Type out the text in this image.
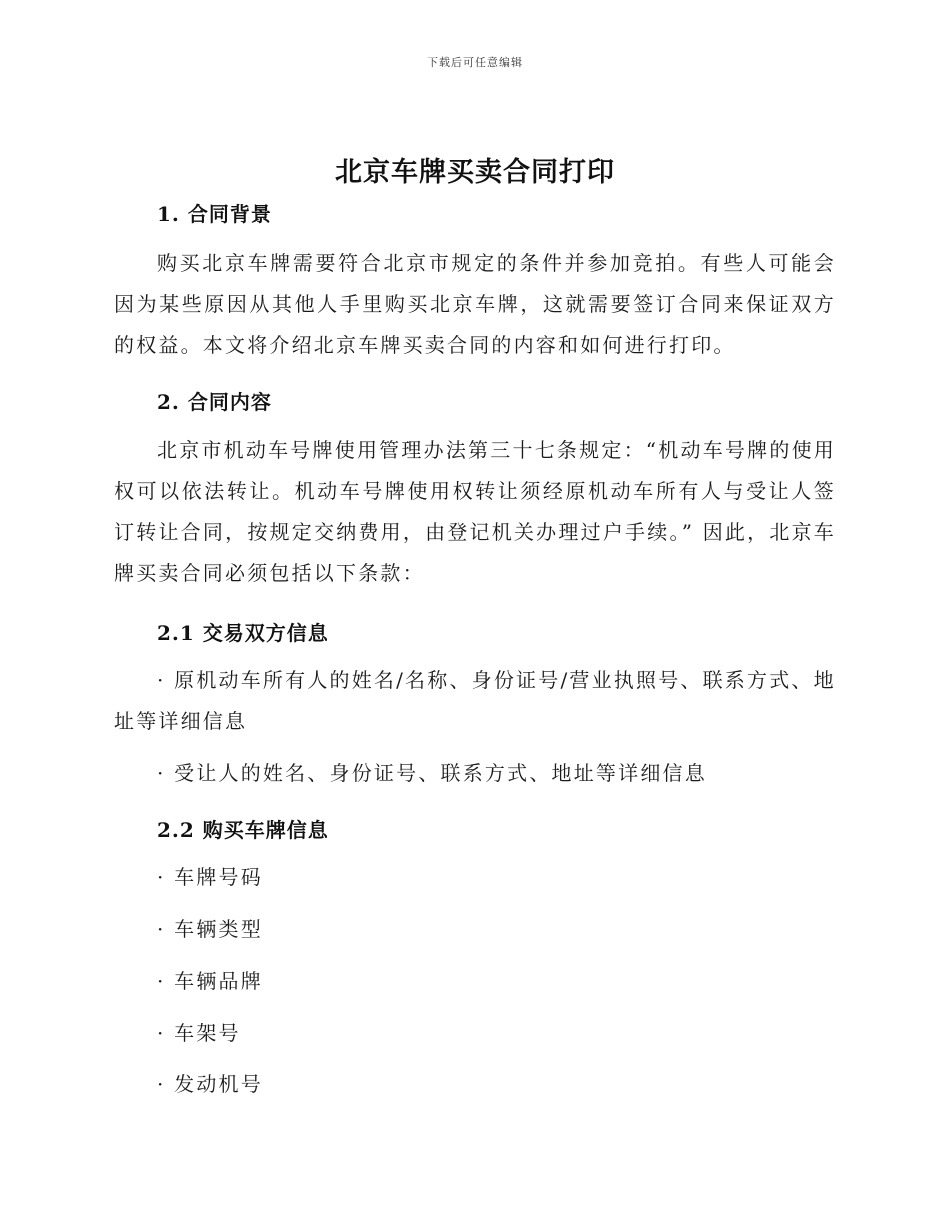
下载后可任意编辑
北京车牌买卖合同打印
1. 合同背景
购买北京车牌需要符合北京市规定的条件并参加竞拍。有些人可能会因为某些原因从其他人手里购买北京车牌，这就需要签订合同来保证双方的权益。本文将介绍北京车牌买卖合同的内容和如何进行打印。
2. 合同内容
北京市机动车号牌使用管理办法第三十七条规定：“机动车号牌的使用权可以依法转让。机动车号牌使用权转让须经原机动车所有人与受让人签订转让合同，按规定交纳费用，由登记机关办理过户手续。” 因此，北京车牌买卖合同必须包括以下条款：
2.1 交易双方信息
· 原机动车所有人的姓名/名称、身份证号/营业执照号、联系方式、地址等详细信息
· 受让人的姓名、身份证号、联系方式、地址等详细信息
2.2 购买车牌信息
· 车牌号码
· 车辆类型
· 车辆品牌
· 车架号
· 发动机号
